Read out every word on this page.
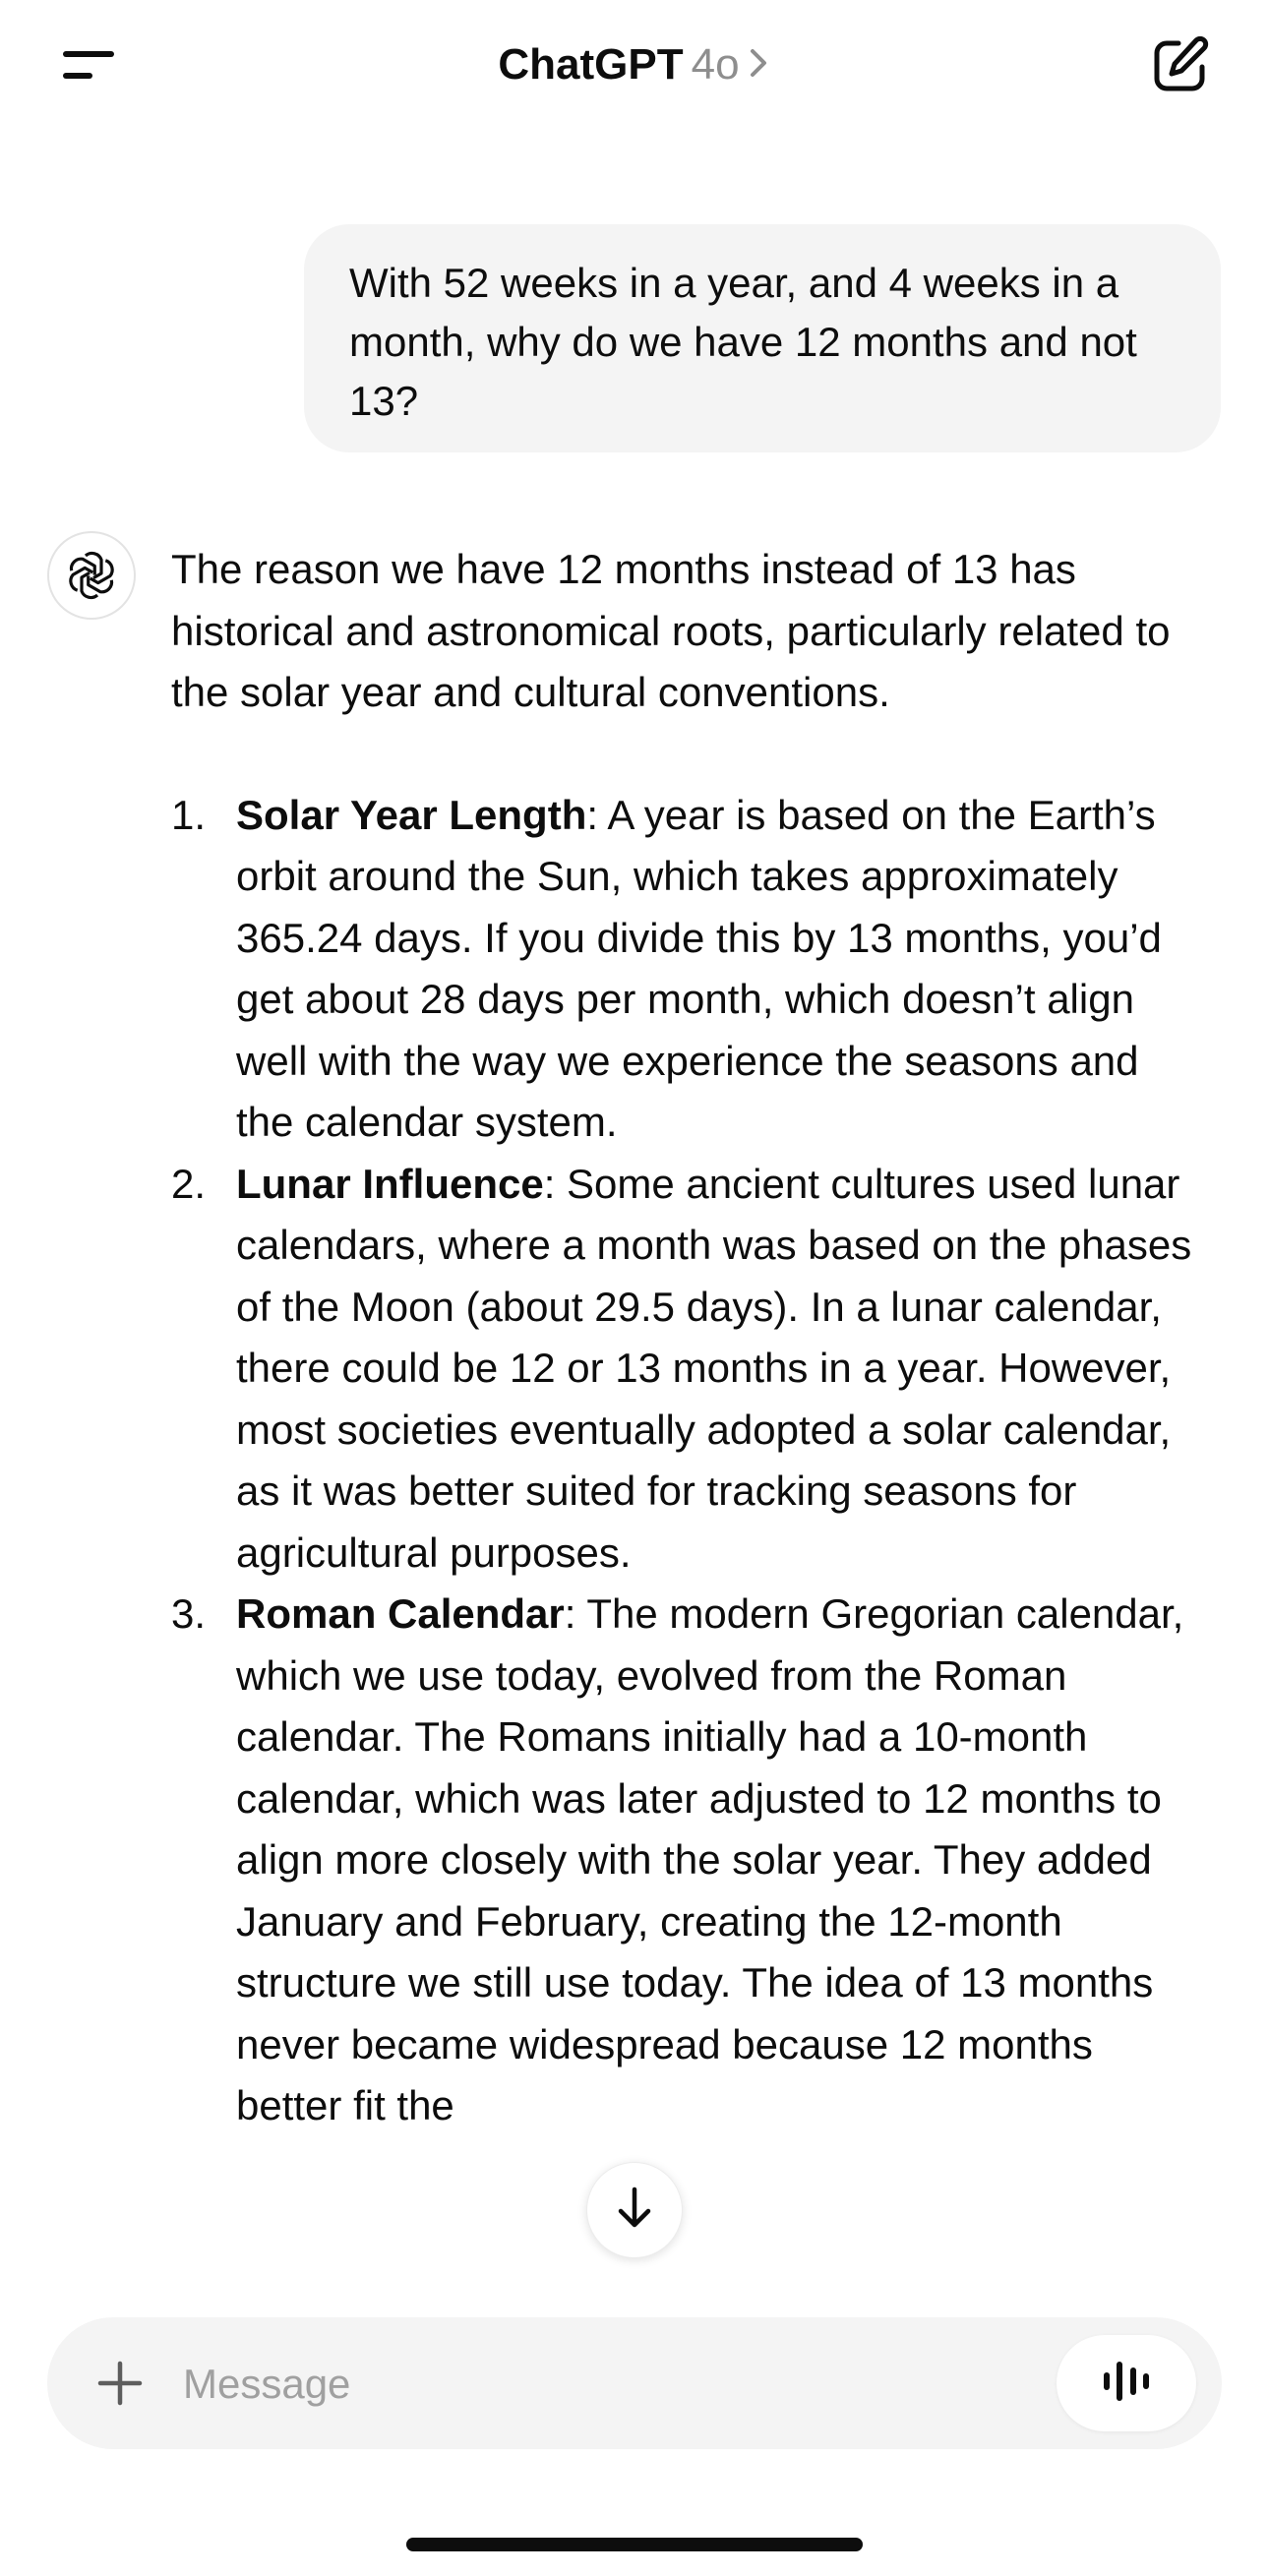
ChatGPT 4o
With 52 weeks in a year, and 4 weeks in a month, why do we have 12 months and not 13?

The reason we have 12 months instead of 13 has historical and astronomical roots, particularly related to the solar year and cultural conventions.

1. Solar Year Length: A year is based on the Earth’s orbit around the Sun, which takes approximately 365.24 days. If you divide this by 13 months, you’d get about 28 days per month, which doesn’t align well with the way we experience the seasons and the calendar system.
2. Lunar Influence: Some ancient cultures used lunar calendars, where a month was based on the phases of the Moon (about 29.5 days). In a lunar calendar, there could be 12 or 13 months in a year. However, most societies eventually adopted a solar calendar, as it was better suited for tracking seasons for agricultural purposes.
3. Roman Calendar: The modern Gregorian calendar, which we use today, evolved from the Roman calendar. The Romans initially had a 10-month calendar, which was later adjusted to 12 months to align more closely with the solar year. They added January and February, creating the 12-month structure we still use today. The idea of 13 months never became widespread because 12 months better fit the
Message
